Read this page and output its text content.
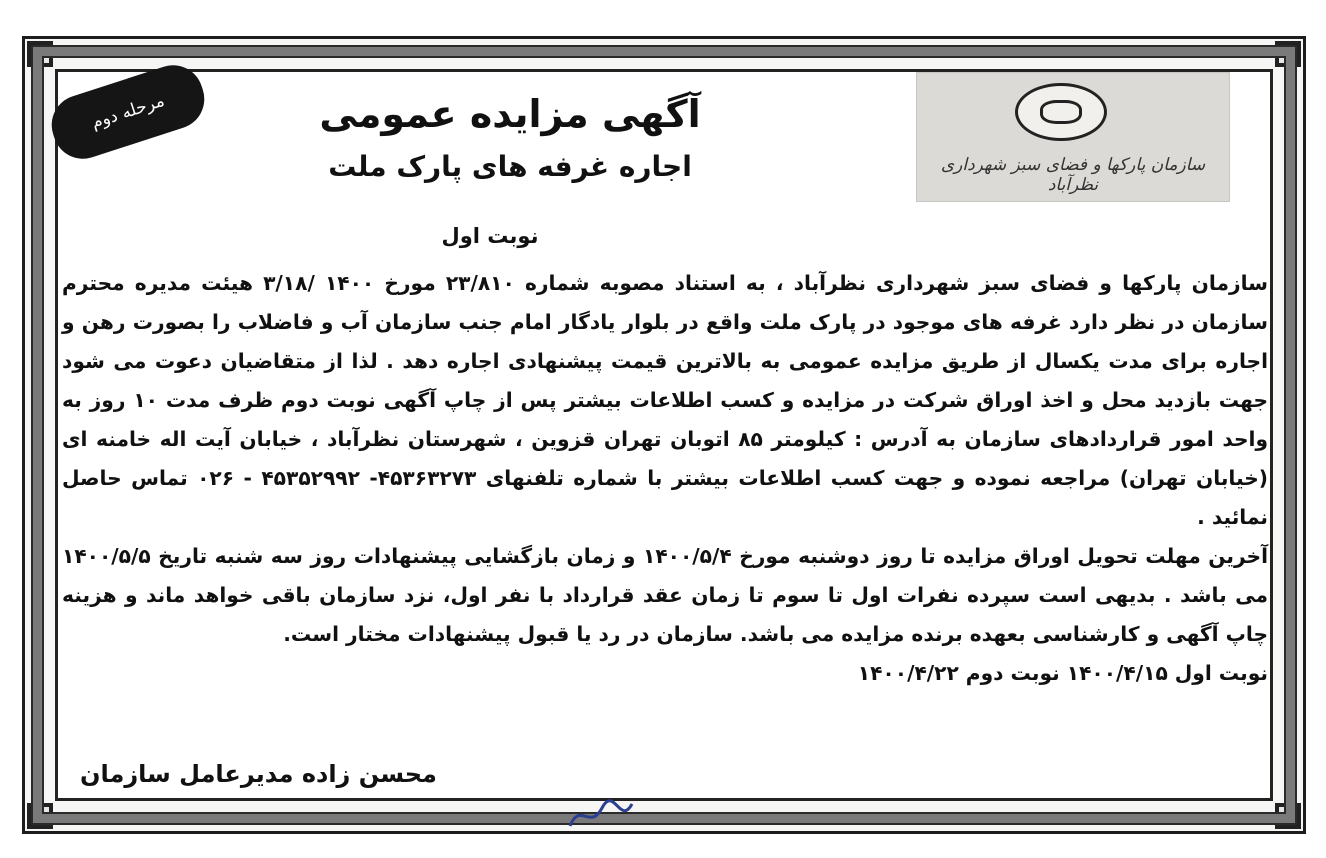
سازمان پارکها و فضای سبز شهرداری نظرآباد
مرحله دوم	آگهی مزایده عمومی
اجاره غرفه های پارک ملت
نوبت اول

سازمان پارکها و فضای سبز شهرداری نظرآباد ، به استناد مصوبه شماره ۲۳/۸۱۰ مورخ ۱۴۰۰ /۳/۱۸ هیئت مدیره محترم سازمان در نظر دارد غرفه های موجود در پارک ملت واقع در بلوار یادگار امام جنب سازمان آب و فاضلاب را بصورت رهن و اجاره برای مدت یکسال از طریق مزایده عمومی به بالاترین قیمت پیشنهادی اجاره دهد . لذا از متقاضیان دعوت می شود جهت بازدید محل و اخذ اوراق شرکت در مزایده و کسب اطلاعات بیشتر پس از چاپ آگهی نوبت دوم ظرف مدت ۱۰ روز به واحد امور قراردادهای سازمان به آدرس : کیلومتر ۸۵ اتوبان تهران قزوین ، شهرستان نظرآباد ، خیابان آیت اله خامنه ای (خیابان تهران) مراجعه نموده و جهت کسب اطلاعات بیشتر با شماره تلفنهای ۴۵۳۶۳۲۷۳- ۴۵۳۵۲۹۹۲ - ۰۲۶ تماس حاصل نمائید .

آخرین مهلت تحویل اوراق مزایده تا روز دوشنبه مورخ ۱۴۰۰/۵/۴ و زمان بازگشایی پیشنهادات روز سه شنبه تاریخ ۱۴۰۰/۵/۵ می باشد . بدیهی است سپرده نفرات اول تا سوم تا زمان عقد قرارداد با نفر اول، نزد سازمان باقی خواهد ماند و هزینه چاپ آگهی و کارشناسی بعهده برنده مزایده می باشد. سازمان در رد یا قبول پیشنهادات مختار است.

نوبت اول ۱۴۰۰/۴/۱۵ نوبت دوم ۱۴۰۰/۴/۲۲

محسن زاده مدیرعامل سازمان
